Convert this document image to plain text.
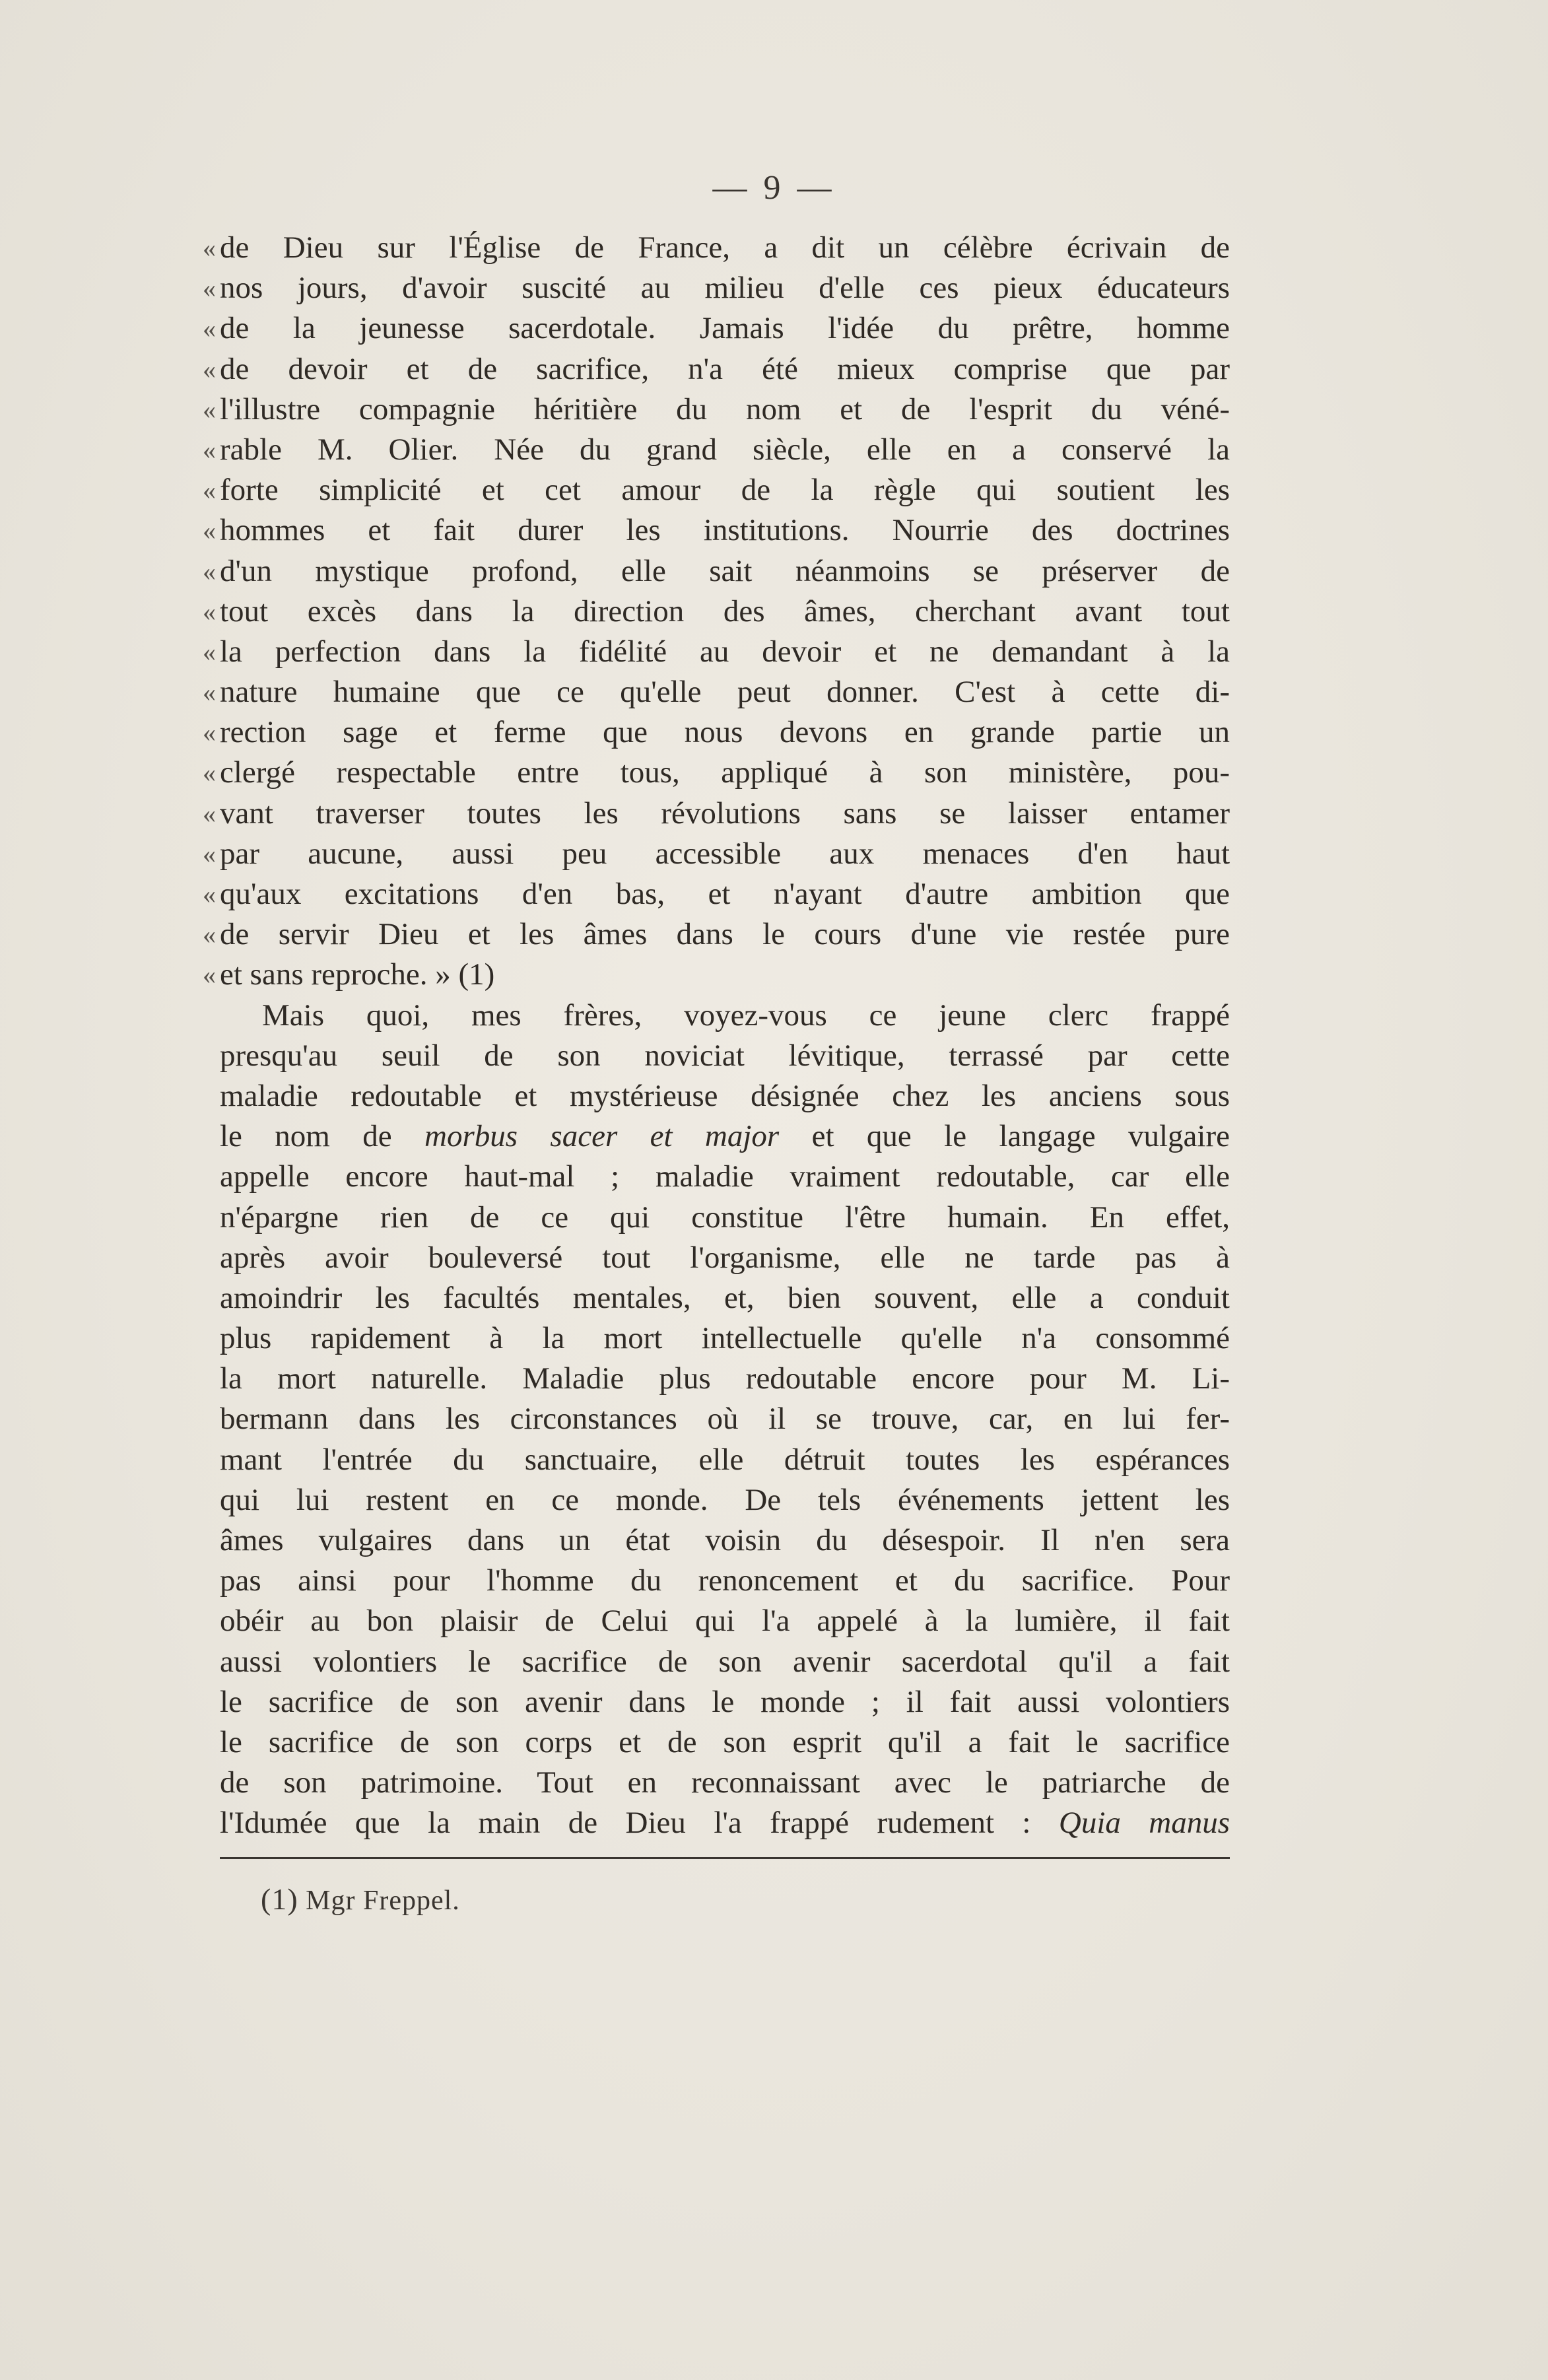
— 9 —
« de Dieu sur l'Église de France, a dit un célèbre écrivain de
« nos jours, d'avoir suscité au milieu d'elle ces pieux éducateurs
« de la jeunesse sacerdotale. Jamais l'idée du prêtre, homme
« de devoir et de sacrifice, n'a été mieux comprise que par
« l'illustre compagnie héritière du nom et de l'esprit du véné-
« rable M. Olier. Née du grand siècle, elle en a conservé la
« forte simplicité et cet amour de la règle qui soutient les
« hommes et fait durer les institutions. Nourrie des doctrines
« d'un mystique profond, elle sait néanmoins se préserver de
« tout excès dans la direction des âmes, cherchant avant tout
« la perfection dans la fidélité au devoir et ne demandant à la
« nature humaine que ce qu'elle peut donner. C'est à cette di-
« rection sage et ferme que nous devons en grande partie un
« clergé respectable entre tous, appliqué à son ministère, pou-
« vant traverser toutes les révolutions sans se laisser entamer
« par aucune, aussi peu accessible aux menaces d'en haut
« qu'aux excitations d'en bas, et n'ayant d'autre ambition que
« de servir Dieu et les âmes dans le cours d'une vie restée pure
« et sans reproche. » (1)
Mais quoi, mes frères, voyez-vous ce jeune clerc frappé
presqu'au seuil de son noviciat lévitique, terrassé par cette
maladie redoutable et mystérieuse désignée chez les anciens sous
le nom de morbus sacer et major et que le langage vulgaire
appelle encore haut-mal ; maladie vraiment redoutable, car elle
n'épargne rien de ce qui constitue l'être humain. En effet,
après avoir bouleversé tout l'organisme, elle ne tarde pas à
amoindrir les facultés mentales, et, bien souvent, elle a conduit
plus rapidement à la mort intellectuelle qu'elle n'a consommé
la mort naturelle. Maladie plus redoutable encore pour M. Li-
bermann dans les circonstances où il se trouve, car, en lui fer-
mant l'entrée du sanctuaire, elle détruit toutes les espérances
qui lui restent en ce monde. De tels événements jettent les
âmes vulgaires dans un état voisin du désespoir. Il n'en sera
pas ainsi pour l'homme du renoncement et du sacrifice. Pour
obéir au bon plaisir de Celui qui l'a appelé à la lumière, il fait
aussi volontiers le sacrifice de son avenir sacerdotal qu'il a fait
le sacrifice de son avenir dans le monde ; il fait aussi volontiers
le sacrifice de son corps et de son esprit qu'il a fait le sacrifice
de son patrimoine. Tout en reconnaissant avec le patriarche de
l'Idumée que la main de Dieu l'a frappé rudement : Quia manus
(1) Mgr Freppel.
